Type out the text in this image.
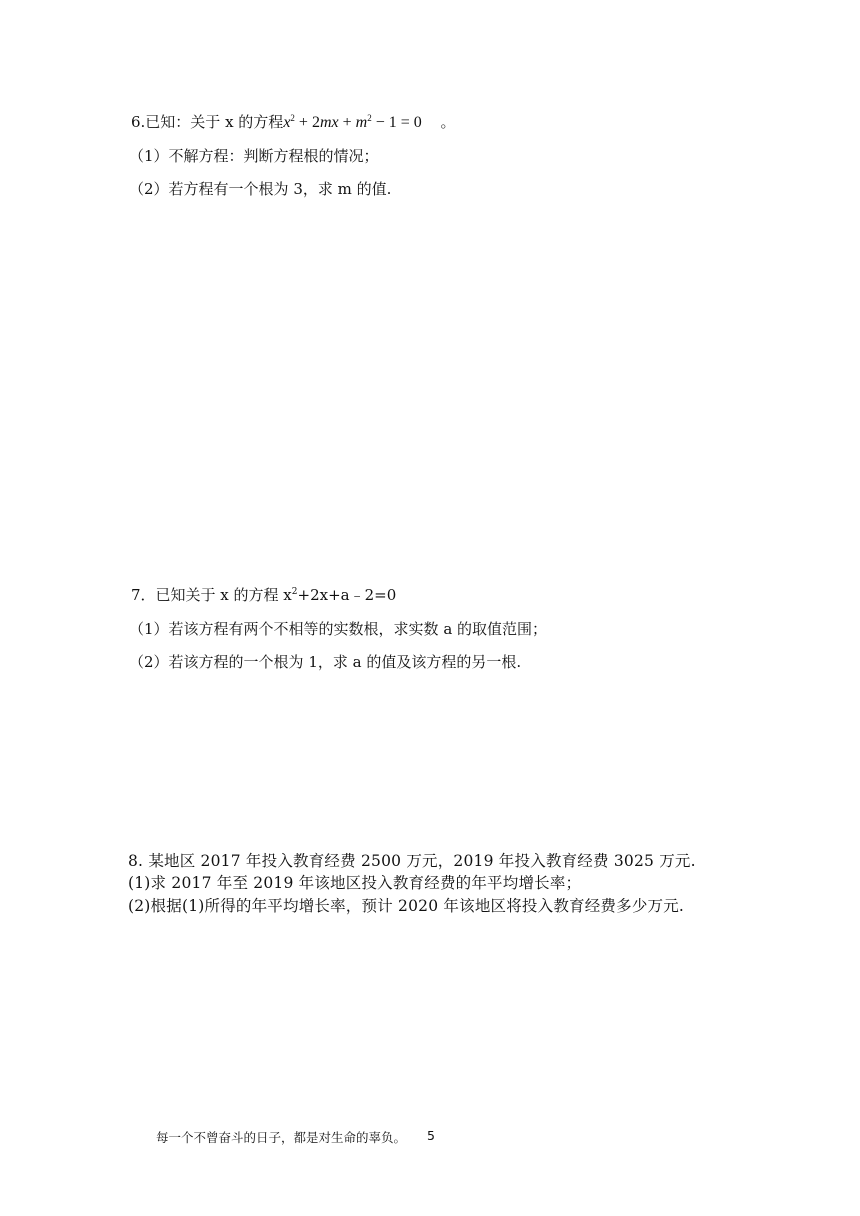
6.已知：关于 x 的方程$x^2 + 2mx + m^2 - 1 = 0$ 。
（1）不解方程：判断方程根的情况；
（2）若方程有一个根为 3，求 m 的值.
7．已知关于 x 的方程 $x^2+2x+a﹣2=0$
（1）若该方程有两个不相等的实数根，求实数 a 的取值范围；
（2）若该方程的一个根为 1，求 a 的值及该方程的另一根.
8. 某地区 2017 年投入教育经费 2500 万元，2019 年投入教育经费 3025 万元.
(1)求 2017 年至 2019 年该地区投入教育经费的年平均增长率；
(2)根据(1)所得的年平均增长率，预计 2020 年该地区将投入教育经费多少万元.
每一个不曾奋斗的日子，都是对生命的辜负。 5
